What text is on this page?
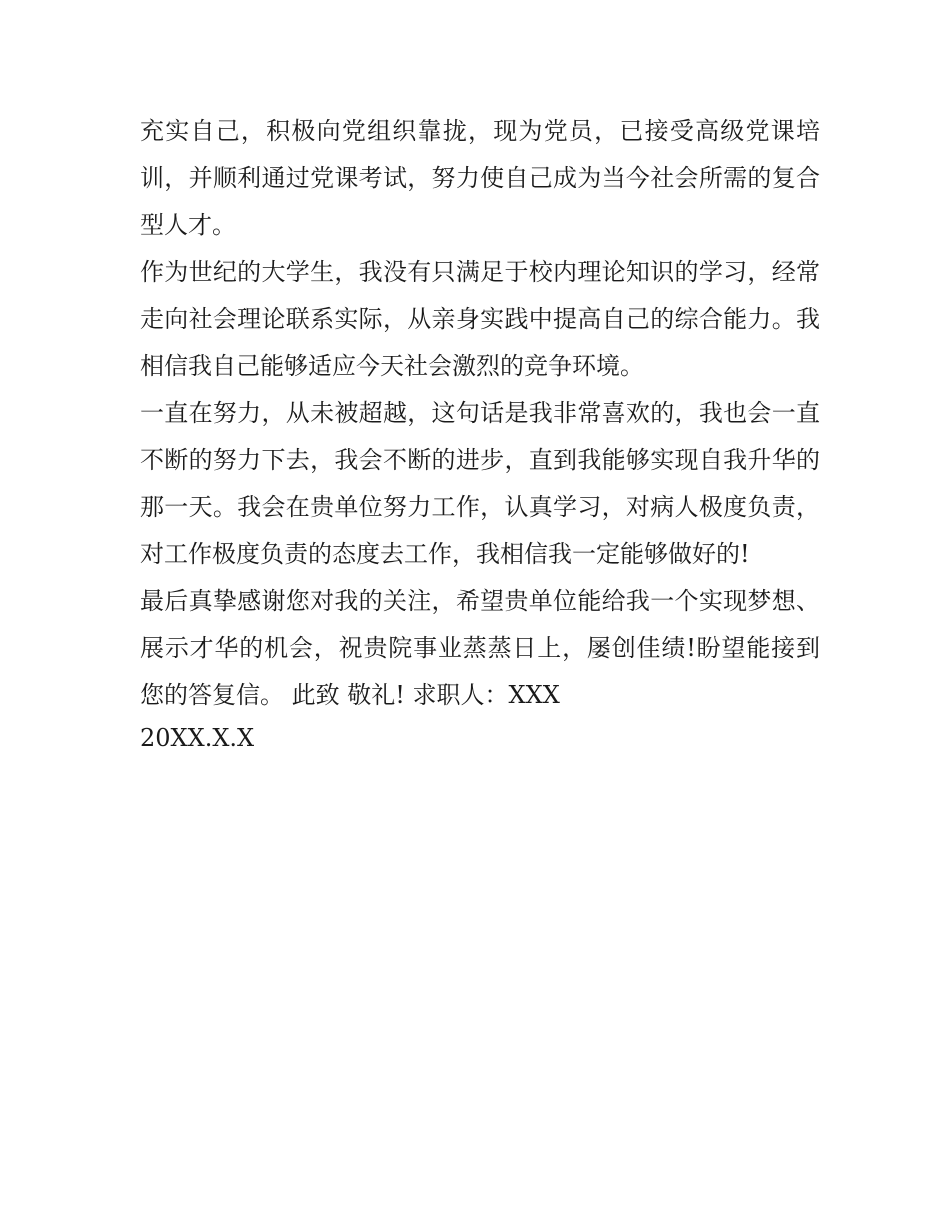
充实自己，积极向党组织靠拢，现为党员，已接受高级党课培训，并顺利通过党课考试，努力使自己成为当今社会所需的复合型人才。

作为世纪的大学生，我没有只满足于校内理论知识的学习，经常走向社会理论联系实际，从亲身实践中提高自己的综合能力。我相信我自己能够适应今天社会激烈的竞争环境。

一直在努力，从未被超越，这句话是我非常喜欢的，我也会一直不断的努力下去，我会不断的进步，直到我能够实现自我升华的那一天。我会在贵单位努力工作，认真学习，对病人极度负责，对工作极度负责的态度去工作，我相信我一定能够做好的!

最后真挚感谢您对我的关注，希望贵单位能给我一个实现梦想、展示才华的机会，祝贵院事业蒸蒸日上，屡创佳绩!盼望能接到您的答复信。 此致 敬礼! 求职人：XXX

20XX.X.X
